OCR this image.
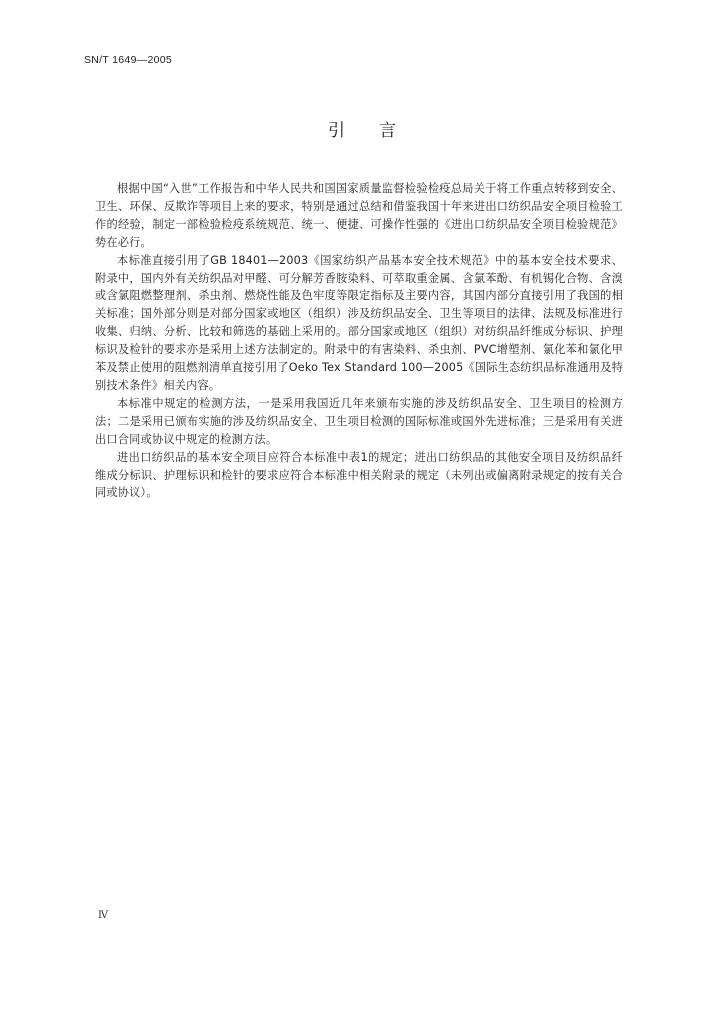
SN/T 1649—2005
引言

根据中国“入世”工作报告和中华人民共和国国家质量监督检验检疫总局关于将工作重点转移到安全、卫生、环保、反欺诈等项目上来的要求，特别是通过总结和借鉴我国十年来进出口纺织品安全项目检验工作的经验，制定一部检验检疫系统规范、统一、便捷、可操作性强的《进出口纺织品安全项目检验规范》势在必行。

本标准直接引用了GB 18401—2003《国家纺织产品基本安全技术规范》中的基本安全技术要求、附录中，国内外有关纺织品对甲醛、可分解芳香胺染料、可萃取重金属、含氯苯酚、有机锡化合物、含溴或含氯阻燃整理剂、杀虫剂、燃烧性能及色牢度等限定指标及主要内容，其国内部分直接引用了我国的相关标准；国外部分则是对部分国家或地区（组织）涉及纺织品安全、卫生等项目的法律、法规及标准进行收集、归纳、分析、比较和筛选的基础上采用的。部分国家或地区（组织）对纺织品纤维成分标识、护理标识及检针的要求亦是采用上述方法制定的。附录中的有害染料、杀虫剂、PVC增塑剂、氯化苯和氯化甲苯及禁止使用的阻燃剂清单直接引用了Oeko Tex Standard 100—2005《国际生态纺织品标准通用及特别技术条件》相关内容。

本标准中规定的检测方法，一是采用我国近几年来颁布实施的涉及纺织品安全、卫生项目的检测方法；二是采用已颁布实施的涉及纺织品安全、卫生项目检测的国际标准或国外先进标准；三是采用有关进出口合同或协议中规定的检测方法。

进出口纺织品的基本安全项目应符合本标准中表1的规定；进出口纺织品的其他安全项目及纺织品纤维成分标识、护理标识和检针的要求应符合本标准中相关附录的规定（未列出或偏离附录规定的按有关合同或协议）。

Ⅳ
